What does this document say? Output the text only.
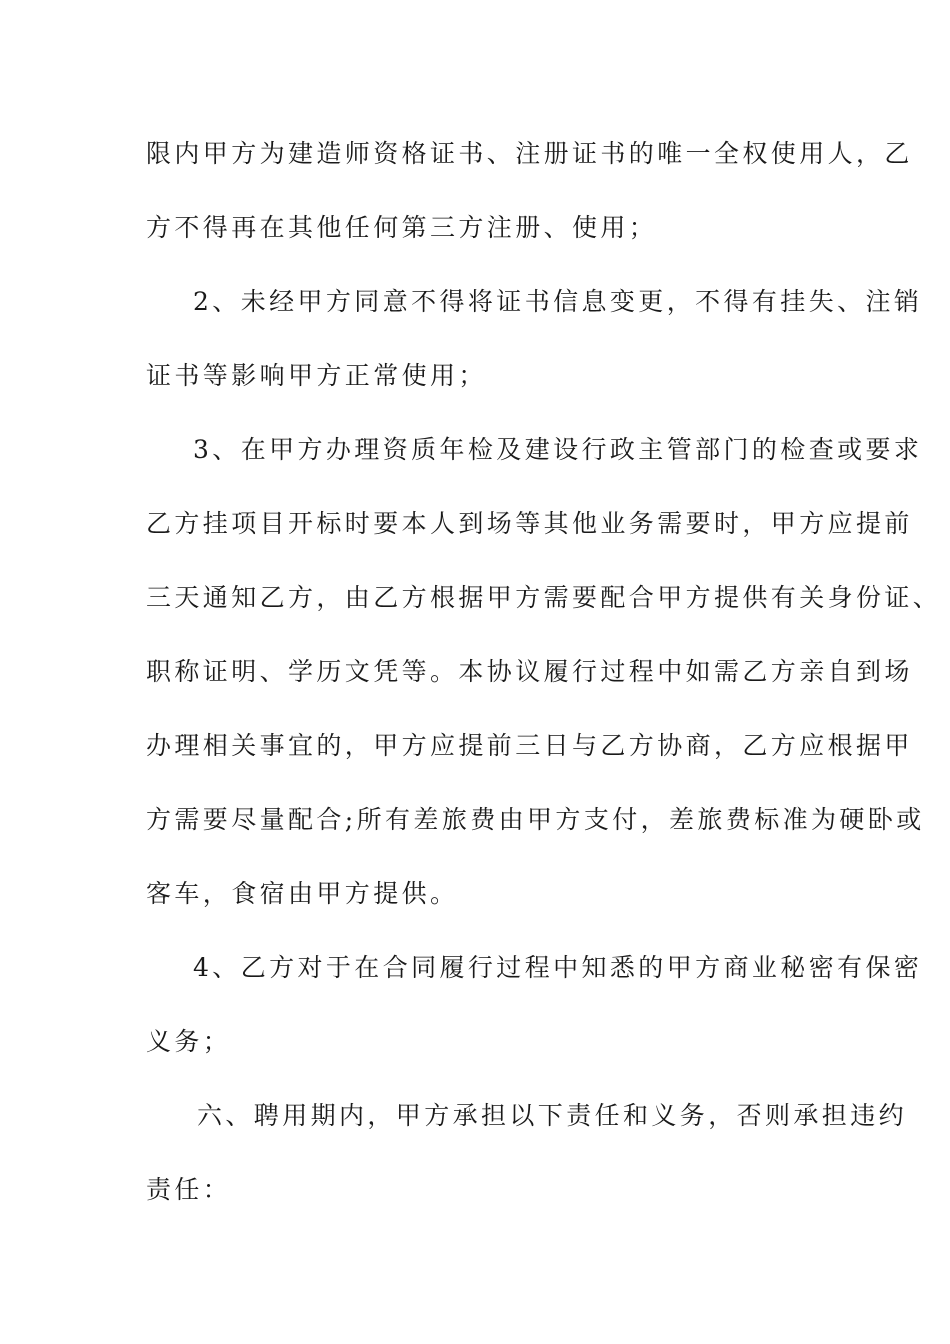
限内甲方为建造师资格证书、注册证书的唯一全权使用人，乙
方不得再在其他任何第三方注册、使用；
2、未经甲方同意不得将证书信息变更，不得有挂失、注销
证书等影响甲方正常使用；
3、在甲方办理资质年检及建设行政主管部门的检查或要求
乙方挂项目开标时要本人到场等其他业务需要时，甲方应提前
三天通知乙方，由乙方根据甲方需要配合甲方提供有关身份证、
职称证明、学历文凭等。本协议履行过程中如需乙方亲自到场
办理相关事宜的，甲方应提前三日与乙方协商，乙方应根据甲
方需要尽量配合;所有差旅费由甲方支付，差旅费标准为硬卧或
客车，食宿由甲方提供。
4、乙方对于在合同履行过程中知悉的甲方商业秘密有保密
义务；
六、聘用期内，甲方承担以下责任和义务，否则承担违约
责任：
